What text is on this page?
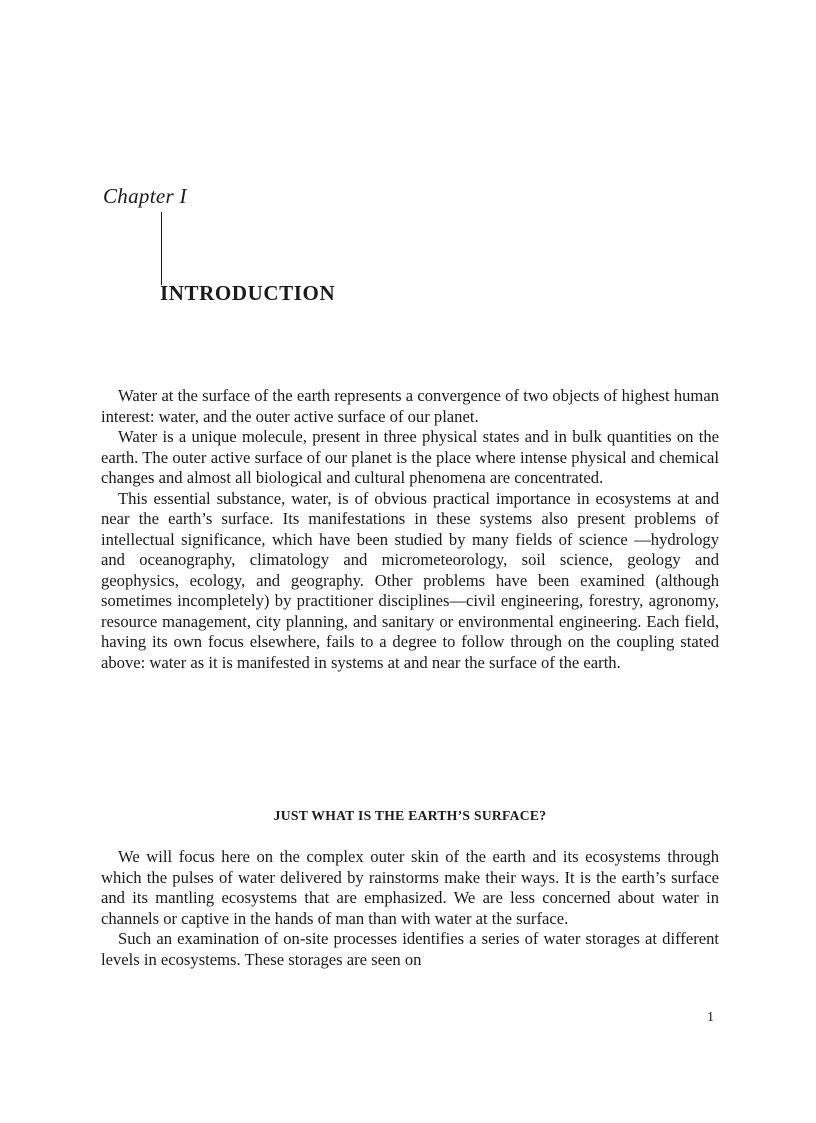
Chapter I
INTRODUCTION

Water at the surface of the earth represents a convergence of two objects of highest human interest: water, and the outer active surface of our planet.

Water is a unique molecule, present in three physical states and in bulk quantities on the earth. The outer active surface of our planet is the place where intense physical and chemical changes and almost all biological and cultural phenomena are concentrated.

This essential substance, water, is of obvious practical importance in ecosystems at and near the earth’s surface. Its manifestations in these systems also present problems of intellectual significance, which have been studied by many fields of science —hydrology and oceanography, climatology and micrometeorology, soil science, geology and geophysics, ecology, and geography. Other problems have been examined (although sometimes incompletely) by practitioner disciplines—civil engineering, forestry, agronomy, resource management, city planning, and sanitary or environmental engineering. Each field, having its own focus elsewhere, fails to a degree to follow through on the coupling stated above: water as it is manifested in systems at and near the surface of the earth.

JUST WHAT IS THE EARTH’S SURFACE?

We will focus here on the complex outer skin of the earth and its ecosystems through which the pulses of water delivered by rainstorms make their ways. It is the earth’s surface and its mantling ecosystems that are emphasized. We are less concerned about water in channels or captive in the hands of man than with water at the surface.

Such an examination of on-site processes identifies a series of water storages at different levels in ecosystems. These storages are seen on

1
